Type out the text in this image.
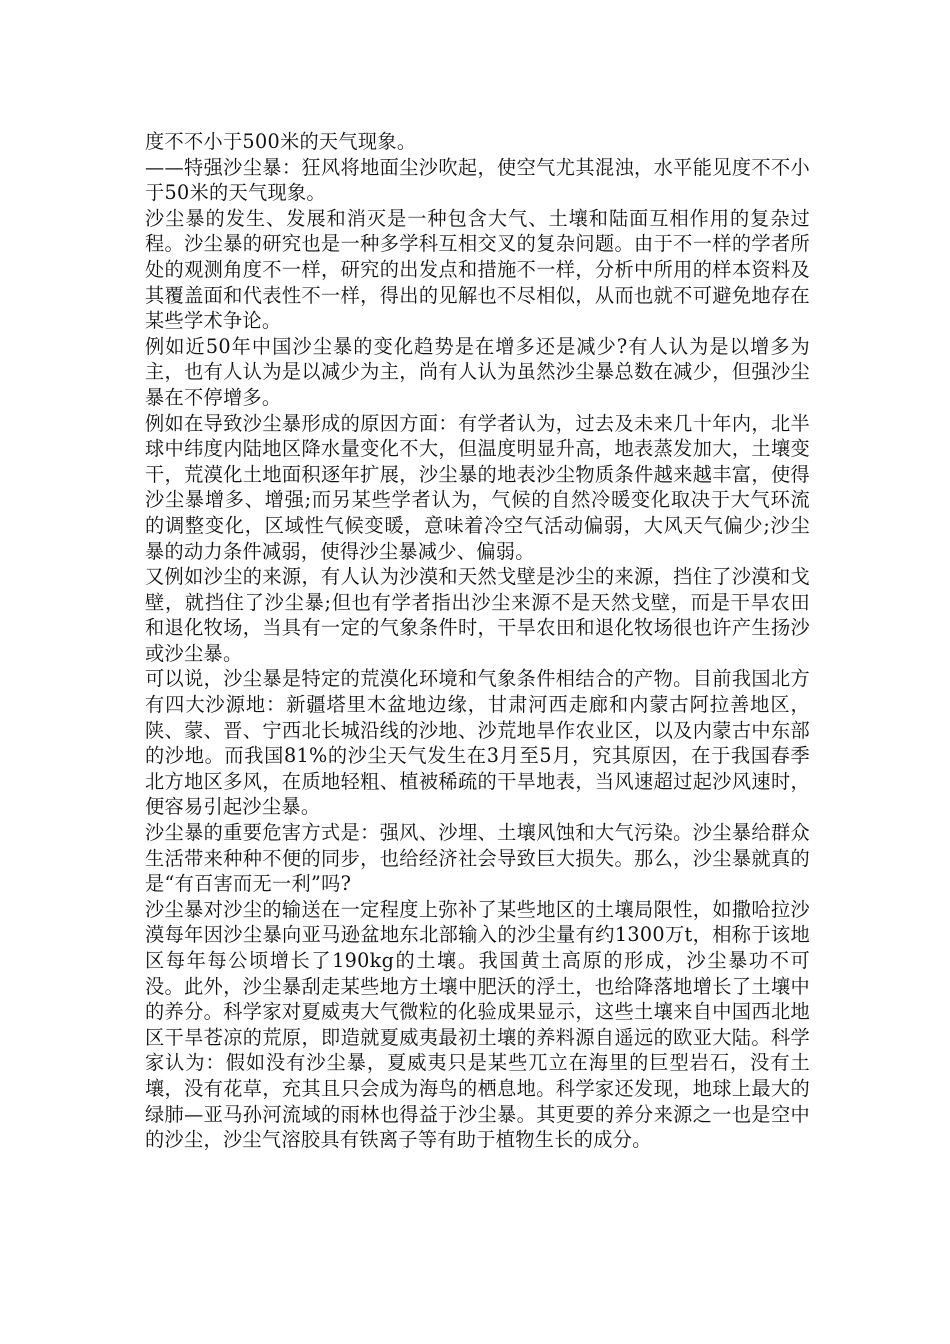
度不不小于500米的天气现象。

——特强沙尘暴：狂风将地面尘沙吹起，使空气尤其混浊，水平能见度不不小于50米的天气现象。

沙尘暴的发生、发展和消灭是一种包含大气、土壤和陆面互相作用的复杂过程。沙尘暴的研究也是一种多学科互相交叉的复杂问题。由于不一样的学者所处的观测角度不一样，研究的出发点和措施不一样，分析中所用的样本资料及其覆盖面和代表性不一样，得出的见解也不尽相似，从而也就不可避免地存在某些学术争论。

例如近50年中国沙尘暴的变化趋势是在增多还是减少?有人认为是以增多为主，也有人认为是以减少为主，尚有人认为虽然沙尘暴总数在减少，但强沙尘暴在不停增多。

例如在导致沙尘暴形成的原因方面：有学者认为，过去及未来几十年内，北半球中纬度内陆地区降水量变化不大，但温度明显升高，地表蒸发加大，土壤变干，荒漠化土地面积逐年扩展，沙尘暴的地表沙尘物质条件越来越丰富，使得沙尘暴增多、增强;而另某些学者认为，气候的自然冷暖变化取决于大气环流的调整变化，区域性气候变暖，意味着冷空气活动偏弱，大风天气偏少;沙尘暴的动力条件减弱，使得沙尘暴减少、偏弱。

又例如沙尘的来源，有人认为沙漠和天然戈壁是沙尘的来源，挡住了沙漠和戈壁，就挡住了沙尘暴;但也有学者指出沙尘来源不是天然戈壁，而是干旱农田和退化牧场，当具有一定的气象条件时，干旱农田和退化牧场很也许产生扬沙或沙尘暴。

可以说，沙尘暴是特定的荒漠化环境和气象条件相结合的产物。目前我国北方有四大沙源地：新疆塔里木盆地边缘，甘肃河西走廊和内蒙古阿拉善地区，陕、蒙、晋、宁西北长城沿线的沙地、沙荒地旱作农业区，以及内蒙古中东部的沙地。而我国81%的沙尘天气发生在3月至5月，究其原因，在于我国春季北方地区多风，在质地轻粗、植被稀疏的干旱地表，当风速超过起沙风速时，便容易引起沙尘暴。

沙尘暴的重要危害方式是：强风、沙埋、土壤风蚀和大气污染。沙尘暴给群众生活带来种种不便的同步，也给经济社会导致巨大损失。那么，沙尘暴就真的是“有百害而无一利”吗?

沙尘暴对沙尘的输送在一定程度上弥补了某些地区的土壤局限性，如撒哈拉沙漠每年因沙尘暴向亚马逊盆地东北部输入的沙尘量有约1300万t，相称于该地区每年每公顷增长了190kg的土壤。我国黄土高原的形成，沙尘暴功不可没。此外，沙尘暴刮走某些地方土壤中肥沃的浮土，也给降落地增长了土壤中的养分。科学家对夏威夷大气微粒的化验成果显示，这些土壤来自中国西北地区干旱苍凉的荒原，即造就夏威夷最初土壤的养料源自遥远的欧亚大陆。科学家认为：假如没有沙尘暴，夏威夷只是某些兀立在海里的巨型岩石，没有土壤，没有花草，充其且只会成为海鸟的栖息地。科学家还发现，地球上最大的绿肺—亚马孙河流域的雨林也得益于沙尘暴。其更要的养分来源之一也是空中的沙尘，沙尘气溶胶具有铁离子等有助于植物生长的成分。
